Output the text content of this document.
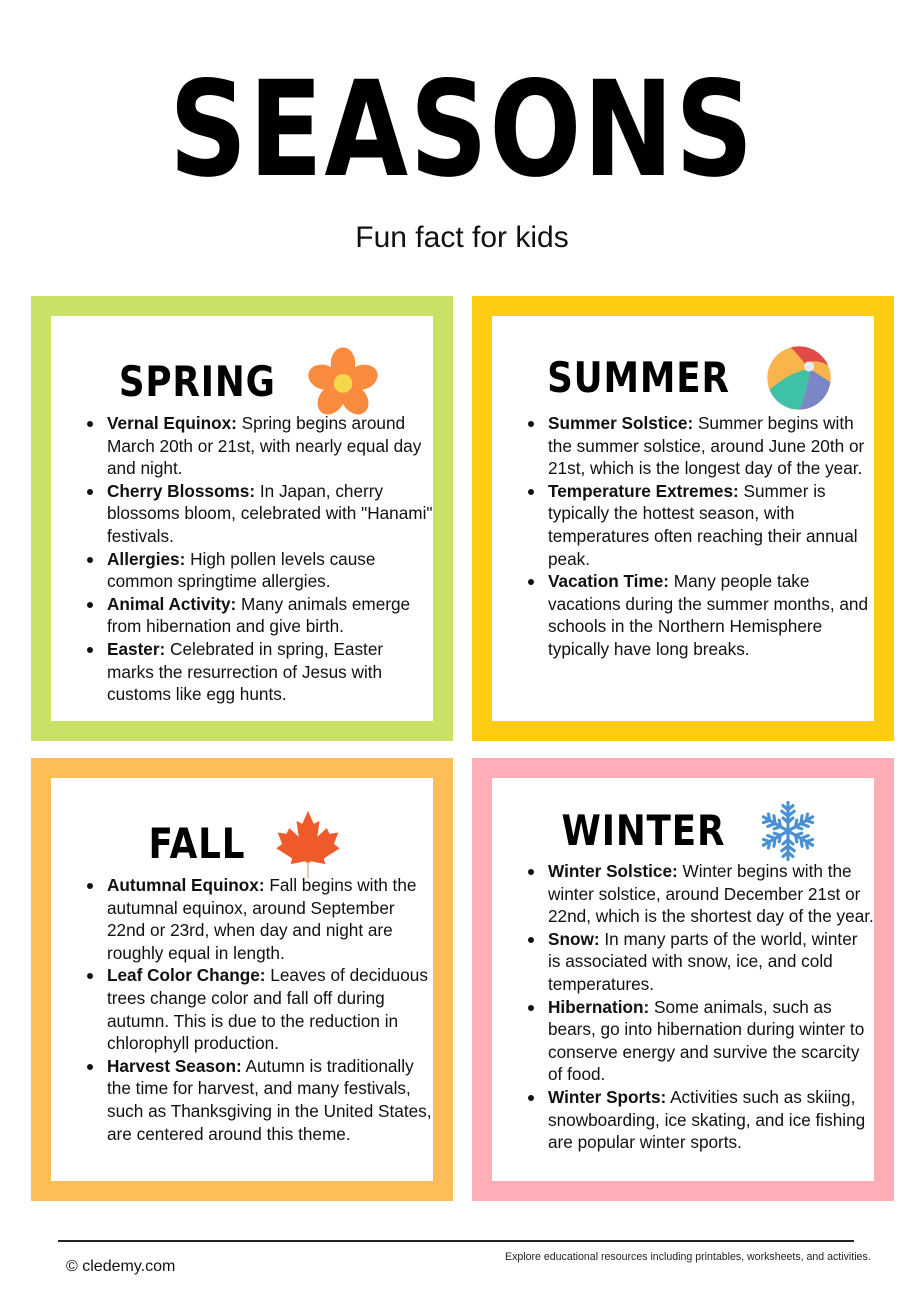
SEASONS
Fun fact for kids
SPRING
Vernal Equinox: Spring begins around March 20th or 21st, with nearly equal day and night.
Cherry Blossoms: In Japan, cherry blossoms bloom, celebrated with "Hanami" festivals.
Allergies: High pollen levels cause common springtime allergies.
Animal Activity: Many animals emerge from hibernation and give birth.
Easter: Celebrated in spring, Easter marks the resurrection of Jesus with customs like egg hunts.
SUMMER
Summer Solstice: Summer begins with the summer solstice, around June 20th or 21st, which is the longest day of the year.
Temperature Extremes: Summer is typically the hottest season, with temperatures often reaching their annual peak.
Vacation Time: Many people take vacations during the summer months, and schools in the Northern Hemisphere typically have long breaks.
FALL
Autumnal Equinox: Fall begins with the autumnal equinox, around September 22nd or 23rd, when day and night are roughly equal in length.
Leaf Color Change: Leaves of deciduous trees change color and fall off during autumn. This is due to the reduction in chlorophyll production.
Harvest Season: Autumn is traditionally the time for harvest, and many festivals, such as Thanksgiving in the United States, are centered around this theme.
WINTER
Winter Solstice: Winter begins with the winter solstice, around December 21st or 22nd, which is the shortest day of the year.
Snow: In many parts of the world, winter is associated with snow, ice, and cold temperatures.
Hibernation: Some animals, such as bears, go into hibernation during winter to conserve energy and survive the scarcity of food.
Winter Sports: Activities such as skiing, snowboarding, ice skating, and ice fishing are popular winter sports.
© cledemy.com
Explore educational resources including printables, worksheets, and activities.
